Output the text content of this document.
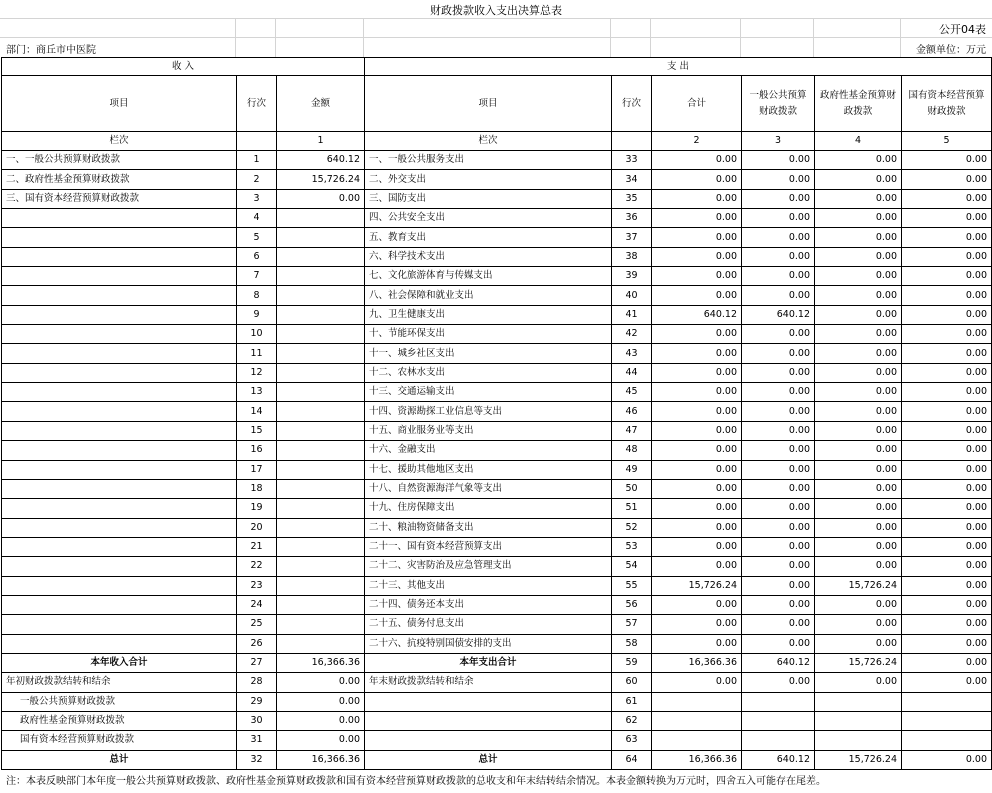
财政拨款收入支出决算总表
公开04表
部门：商丘市中医院	金额单位：万元
收 入			支 出					
项目	行次	金额	项目	行次	合计	一般公共预算财政拨款	政府性基金预算财政拨款	国有资本经营预算财政拨款
栏次		1	栏次		2	3	4	5
一、一般公共预算财政拨款	1	640.12	一、一般公共服务支出	33	0.00	0.00	0.00	0.00
二、政府性基金预算财政拨款	2	15,726.24	二、外交支出	34	0.00	0.00	0.00	0.00
三、国有资本经营预算财政拨款	3	0.00	三、国防支出	35	0.00	0.00	0.00	0.00
	4		四、公共安全支出	36	0.00	0.00	0.00	0.00
	5		五、教育支出	37	0.00	0.00	0.00	0.00
	6		六、科学技术支出	38	0.00	0.00	0.00	0.00
	7		七、文化旅游体育与传媒支出	39	0.00	0.00	0.00	0.00
	8		八、社会保障和就业支出	40	0.00	0.00	0.00	0.00
	9		九、卫生健康支出	41	640.12	640.12	0.00	0.00
	10		十、节能环保支出	42	0.00	0.00	0.00	0.00
	11		十一、城乡社区支出	43	0.00	0.00	0.00	0.00
	12		十二、农林水支出	44	0.00	0.00	0.00	0.00
	13		十三、交通运输支出	45	0.00	0.00	0.00	0.00
	14		十四、资源勘探工业信息等支出	46	0.00	0.00	0.00	0.00
	15		十五、商业服务业等支出	47	0.00	0.00	0.00	0.00
	16		十六、金融支出	48	0.00	0.00	0.00	0.00
	17		十七、援助其他地区支出	49	0.00	0.00	0.00	0.00
	18		十八、自然资源海洋气象等支出	50	0.00	0.00	0.00	0.00
	19		十九、住房保障支出	51	0.00	0.00	0.00	0.00
	20		二十、粮油物资储备支出	52	0.00	0.00	0.00	0.00
	21		二十一、国有资本经营预算支出	53	0.00	0.00	0.00	0.00
	22		二十二、灾害防治及应急管理支出	54	0.00	0.00	0.00	0.00
	23		二十三、其他支出	55	15,726.24	0.00	15,726.24	0.00
	24		二十四、债务还本支出	56	0.00	0.00	0.00	0.00
	25		二十五、债务付息支出	57	0.00	0.00	0.00	0.00
	26		二十六、抗疫特别国债安排的支出	58	0.00	0.00	0.00	0.00
本年收入合计	27	16,366.36	本年支出合计	59	16,366.36	640.12	15,726.24	0.00
年初财政拨款结转和结余	28	0.00	年末财政拨款结转和结余	60	0.00	0.00	0.00	0.00
一般公共预算财政拨款	29	0.00		61				
政府性基金预算财政拨款	30	0.00		62				
国有资本经营预算财政拨款	31	0.00		63				
总计	32	16,366.36	总计	64	16,366.36	640.12	15,726.24	0.00
注：本表反映部门本年度一般公共预算财政拨款、政府性基金预算财政拨款和国有资本经营预算财政拨款的总收支和年末结转结余情况。本表金额转换为万元时，四舍五入可能存在尾差。
